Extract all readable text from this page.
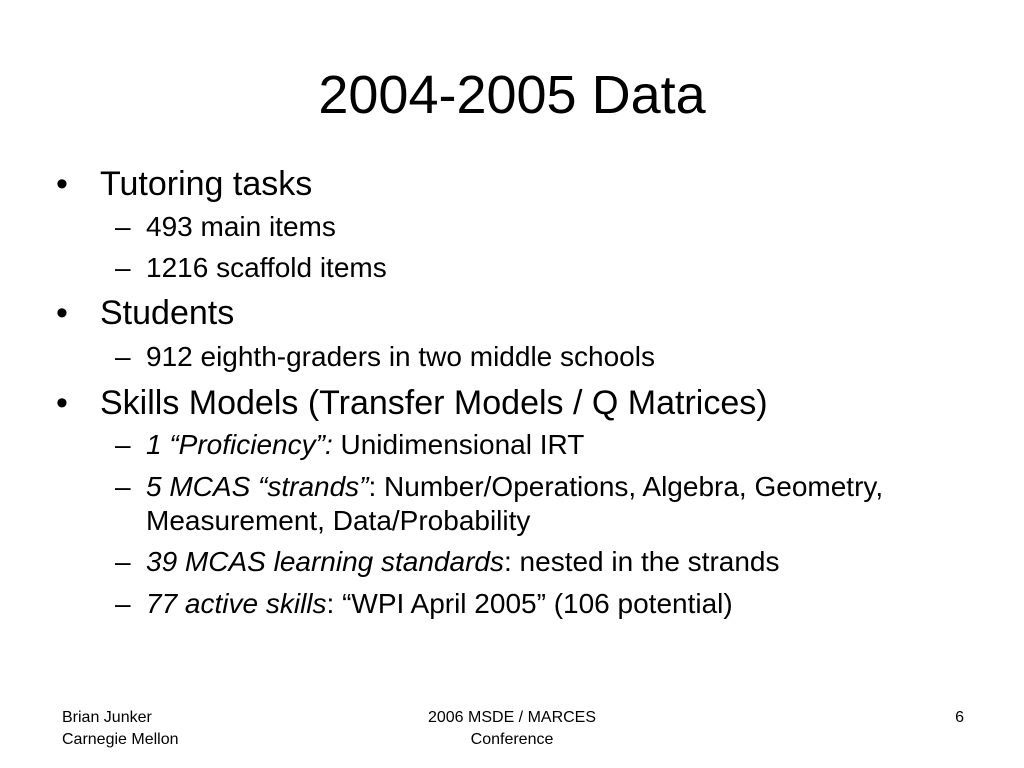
2004-2005 Data
• Tutoring tasks
– 493 main items
– 1216 scaffold items
• Students
– 912 eighth-graders in two middle schools
• Skills Models (Transfer Models / Q Matrices)
– 1 “Proficiency”: Unidimensional IRT
– 5 MCAS “strands”: Number/Operations, Algebra, Geometry, Measurement, Data/Probability
– 39 MCAS learning standards: nested in the strands
– 77 active skills: “WPI April 2005” (106 potential)
Brian Junker
Carnegie Mellon
2006 MSDE / MARCES
Conference
6
